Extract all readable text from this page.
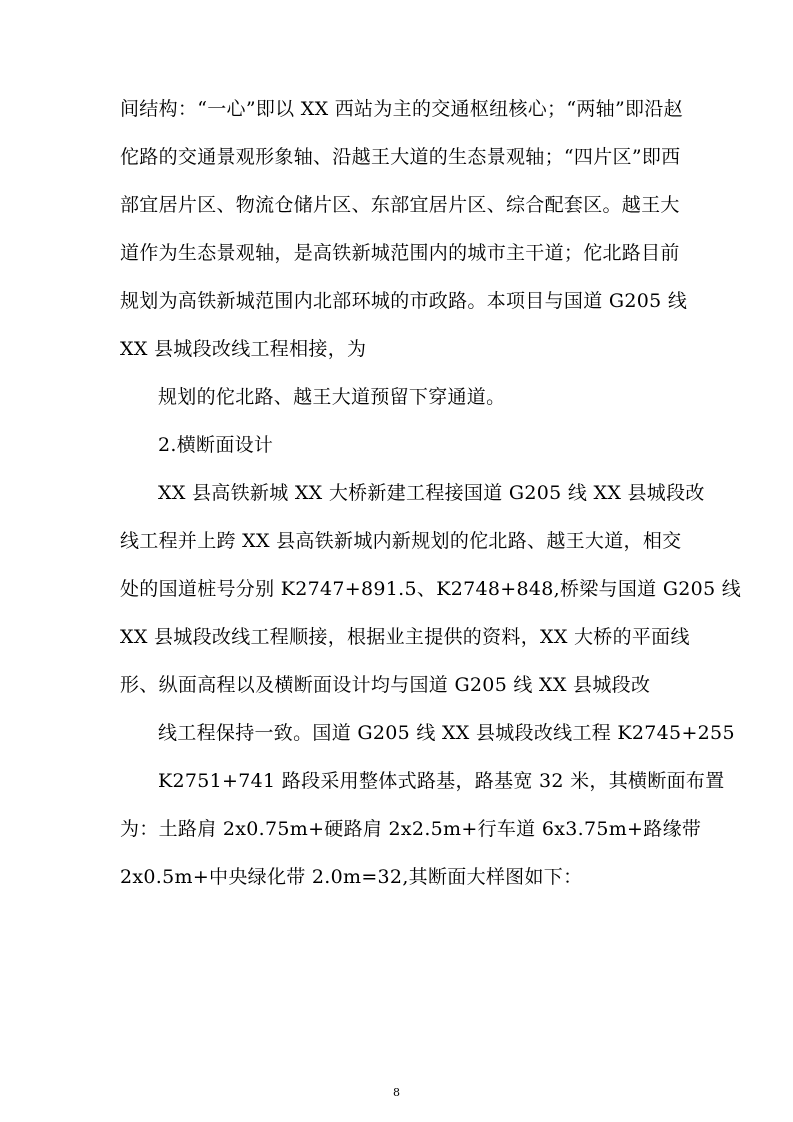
间结构：“一心”即以 XX 西站为主的交通枢纽核心；“两轴”即沿赵
佗路的交通景观形象轴、沿越王大道的生态景观轴；“四片区”即西
部宜居片区、物流仓储片区、东部宜居片区、综合配套区。越王大
道作为生态景观轴，是高铁新城范围内的城市主干道；佗北路目前
规划为高铁新城范围内北部环城的市政路。本项目与国道 G205 线
XX 县城段改线工程相接，为
规划的佗北路、越王大道预留下穿通道。
2.横断面设计
XX 县高铁新城 XX 大桥新建工程接国道 G205 线 XX 县城段改
线工程并上跨 XX 县高铁新城内新规划的佗北路、越王大道，相交
处的国道桩号分别 K2747+891.5、K2748+848,桥梁与国道 G205 线
XX 县城段改线工程顺接，根据业主提供的资料，XX 大桥的平面线
形、纵面高程以及横断面设计均与国道 G205 线 XX 县城段改
线工程保持一致。国道 G205 线 XX 县城段改线工程 K2745+255
K2751+741 路段采用整体式路基，路基宽 32 米，其横断面布置
为：土路肩 2x0.75m+硬路肩 2x2.5m+行车道 6x3.75m+路缘带
2x0.5m+中央绿化带 2.0m=32,其断面大样图如下：
8
